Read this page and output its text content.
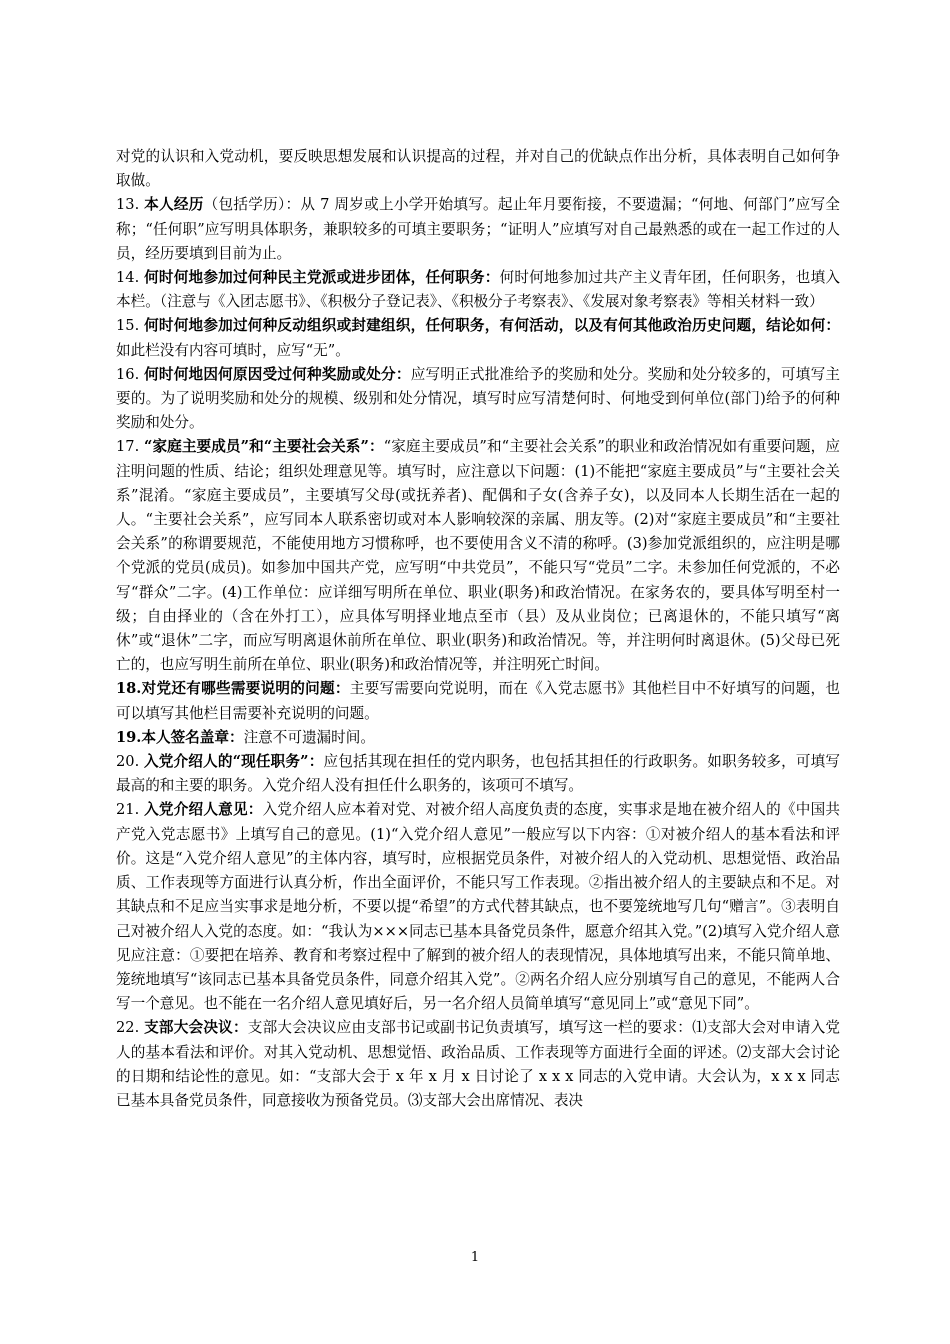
对党的认识和入党动机，要反映思想发展和认识提高的过程，并对自己的优缺点作出分析，具体表明自己如何争取做。

13. 本人经历（包括学历）：从 7 周岁或上小学开始填写。起止年月要衔接，不要遗漏；“何地、何部门”应写全称；“任何职”应写明具体职务，兼职较多的可填主要职务；“证明人”应填写对自己最熟悉的或在一起工作过的人员，经历要填到目前为止。

14. 何时何地参加过何种民主党派或进步团体，任何职务：何时何地参加过共产主义青年团，任何职务，也填入本栏。（注意与《入团志愿书》、《积极分子登记表》、《积极分子考察表》、《发展对象考察表》等相关材料一致）

15. 何时何地参加过何种反动组织或封建组织，任何职务，有何活动，以及有何其他政治历史问题，结论如何：如此栏没有内容可填时，应写“无”。

16. 何时何地因何原因受过何种奖励或处分：应写明正式批准给予的奖励和处分。奖励和处分较多的，可填写主要的。为了说明奖励和处分的规模、级别和处分情况，填写时应写清楚何时、何地受到何单位(部门)给予的何种奖励和处分。

17. “家庭主要成员”和“主要社会关系”：“家庭主要成员”和“主要社会关系”的职业和政治情况如有重要问题，应注明问题的性质、结论；组织处理意见等。填写时，应注意以下问题：(1)不能把“家庭主要成员”与“主要社会关系”混淆。“家庭主要成员”，主要填写父母(或抚养者)、配偶和子女(含养子女)，以及同本人长期生活在一起的人。“主要社会关系”，应写同本人联系密切或对本人影响较深的亲属、朋友等。(2)对“家庭主要成员”和“主要社会关系”的称谓要规范，不能使用地方习惯称呼，也不要使用含义不清的称呼。(3)参加党派组织的，应注明是哪个党派的党员(成员)。如参加中国共产党，应写明“中共党员”，不能只写“党员”二字。未参加任何党派的，不必写“群众”二字。(4)工作单位：应详细写明所在单位、职业(职务)和政治情况。在家务农的，要具体写明至村一级；自由择业的（含在外打工），应具体写明择业地点至市（县）及从业岗位；已离退休的，不能只填写“离休”或“退休”二字，而应写明离退休前所在单位、职业(职务)和政治情况。等，并注明何时离退休。(5)父母已死亡的，也应写明生前所在单位、职业(职务)和政治情况等，并注明死亡时间。

18.对党还有哪些需要说明的问题：主要写需要向党说明，而在《入党志愿书》其他栏目中不好填写的问题，也可以填写其他栏目需要补充说明的问题。

19.本人签名盖章：注意不可遗漏时间。

20. 入党介绍人的“现任职务”：应包括其现在担任的党内职务，也包括其担任的行政职务。如职务较多，可填写最高的和主要的职务。入党介绍人没有担任什么职务的，该项可不填写。

21. 入党介绍人意见：入党介绍人应本着对党、对被介绍人高度负责的态度，实事求是地在被介绍人的《中国共产党入党志愿书》上填写自己的意见。(1)“入党介绍人意见”一般应写以下内容：①对被介绍人的基本看法和评价。这是“入党介绍人意见”的主体内容，填写时，应根据党员条件，对被介绍人的入党动机、思想觉悟、政治品质、工作表现等方面进行认真分析，作出全面评价，不能只写工作表现。②指出被介绍人的主要缺点和不足。对其缺点和不足应当实事求是地分析，不要以提“希望”的方式代替其缺点，也不要笼统地写几句“赠言”。③表明自己对被介绍人入党的态度。如：“我认为×××同志已基本具备党员条件，愿意介绍其入党。”(2)填写入党介绍人意见应注意：①要把在培养、教育和考察过程中了解到的被介绍人的表现情况，具体地填写出来，不能只简单地、笼统地填写“该同志已基本具备党员条件，同意介绍其入党”。②两名介绍人应分别填写自己的意见，不能两人合写一个意见。也不能在一名介绍人意见填好后，另一名介绍人员简单填写“意见同上”或“意见下同”。

22. 支部大会决议：支部大会决议应由支部书记或副书记负责填写，填写这一栏的要求：⑴支部大会对申请入党人的基本看法和评价。对其入党动机、思想觉悟、政治品质、工作表现等方面进行全面的评述。⑵支部大会讨论的日期和结论性的意见。如：“支部大会于 x 年 x 月 x 日讨论了 x x x 同志的入党申请。大会认为，x x x 同志已基本具备党员条件，同意接收为预备党员。⑶支部大会出席情况、表决

1
